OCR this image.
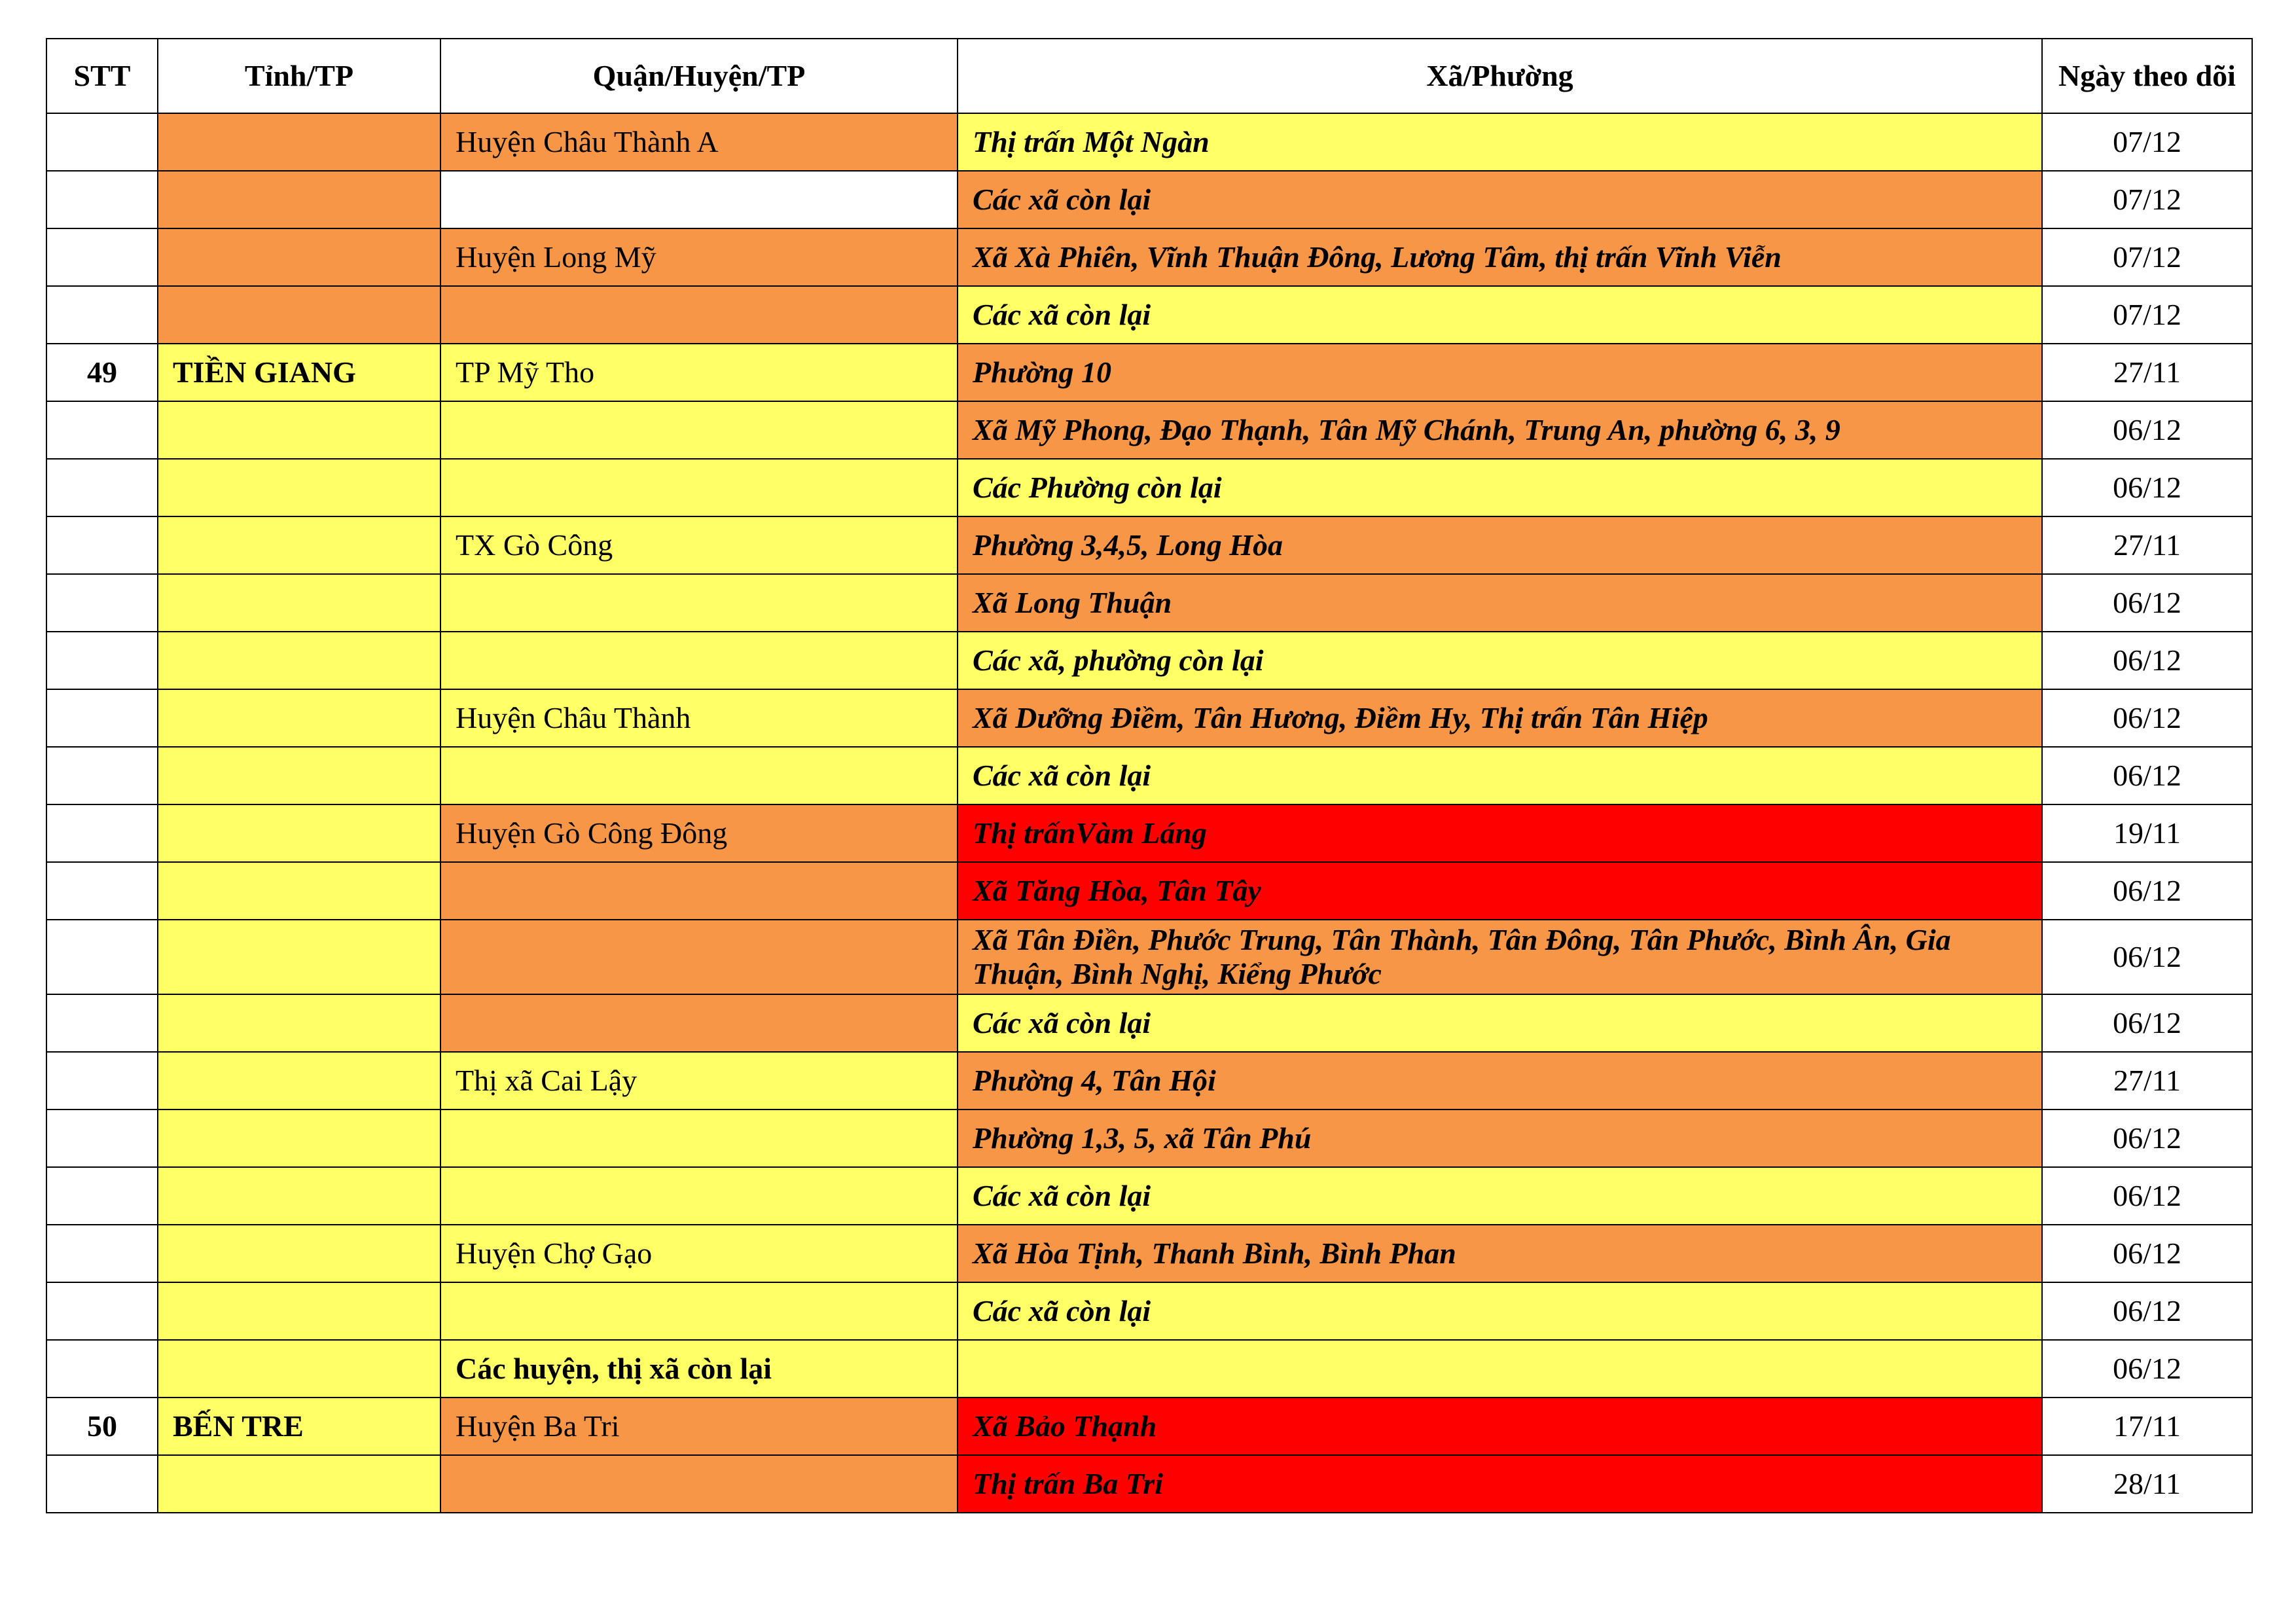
STT	Tỉnh/TP	Quận/Huyện/TP	Xã/Phường	Ngày theo dõi
		Huyện Châu Thành A	Thị trấn Một Ngàn	07/12
			Các xã còn lại	07/12
		Huyện Long Mỹ	Xã Xà Phiên, Vĩnh Thuận Đông, Lương Tâm, thị trấn Vĩnh Viễn	07/12
			Các xã còn lại	07/12
49	TIỀN GIANG	TP Mỹ Tho	Phường 10	27/11
			Xã Mỹ Phong, Đạo Thạnh, Tân Mỹ Chánh, Trung An, phường 6, 3, 9	06/12
			Các Phường còn lại	06/12
		TX Gò Công	Phường 3,4,5, Long Hòa	27/11
			Xã Long Thuận	06/12
			Các xã, phường còn lại	06/12
		Huyện Châu Thành	Xã Dưỡng Điềm, Tân Hương, Điềm Hy, Thị trấn Tân Hiệp	06/12
			Các xã còn lại	06/12
		Huyện Gò Công Đông	Thị trấnVàm Láng	19/11
			Xã Tăng Hòa, Tân Tây	06/12
			Xã Tân Điền, Phước Trung, Tân Thành, Tân Đông, Tân Phước, Bình Ân, Gia Thuận, Bình Nghị, Kiểng Phước	06/12
			Các xã còn lại	06/12
		Thị xã Cai Lậy	Phường 4, Tân Hội	27/11
			Phường 1,3, 5, xã Tân Phú	06/12
			Các xã còn lại	06/12
		Huyện Chợ Gạo	Xã Hòa Tịnh, Thanh Bình, Bình Phan	06/12
			Các xã còn lại	06/12
		Các huyện, thị xã còn lại		06/12
50	BẾN TRE	Huyện Ba Tri	Xã Bảo Thạnh	17/11
			Thị trấn Ba Tri	28/11
